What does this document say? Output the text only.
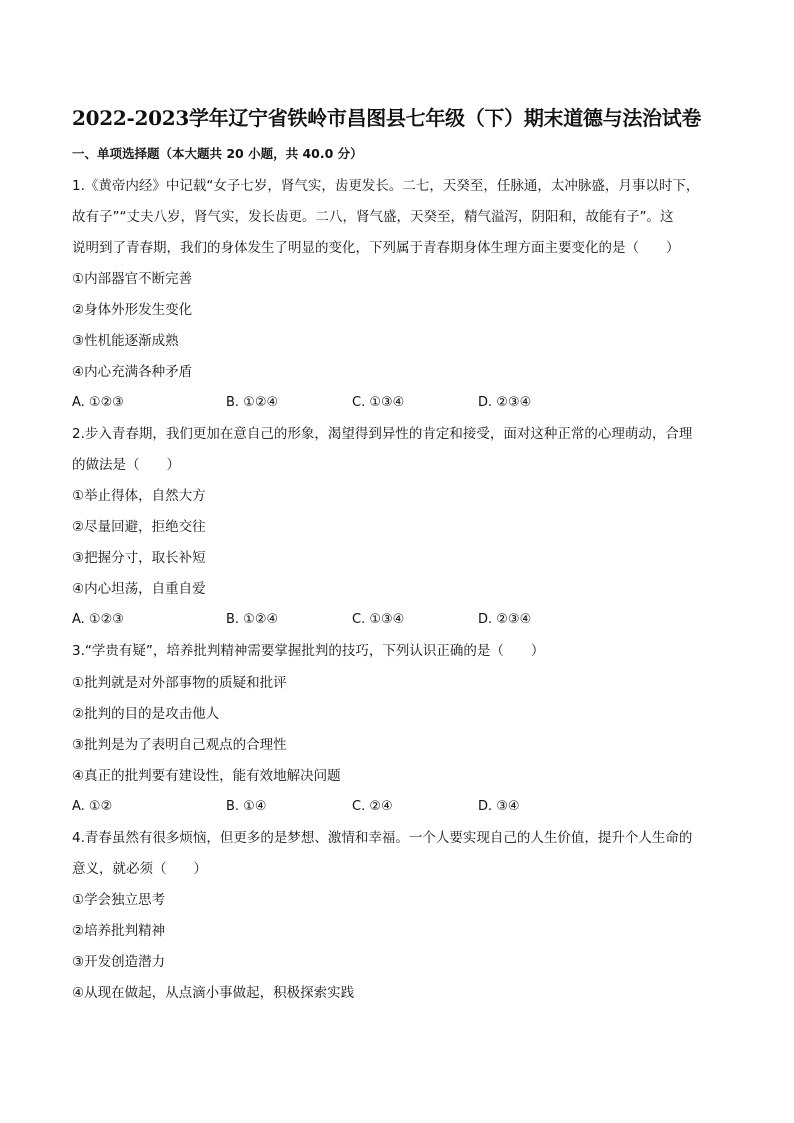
2022-2023学年辽宁省铁岭市昌图县七年级（下）期末道德与法治试卷
一、单项选择题（本大题共 20 小题，共 40.0 分）
1.《黄帝内经》中记载“女子七岁，肾气实，齿更发长。二七，天癸至，任脉通，太冲脉盛，月事以时下，
故有子”“丈夫八岁，肾气实，发长齿更。二八，肾气盛，天癸至，精气溢泻，阴阳和，故能有子”。这
说明到了青春期，我们的身体发生了明显的变化，下列属于青春期身体生理方面主要变化的是（　　）
①内部器官不断完善
②身体外形发生变化
③性机能逐渐成熟
④内心充满各种矛盾
A. ①②③	B. ①②④	C. ①③④	D. ②③④
2.步入青春期，我们更加在意自己的形象，渴望得到异性的肯定和接受，面对这种正常的心理萌动，合理
的做法是（　　）
①举止得体，自然大方
②尽量回避，拒绝交往
③把握分寸，取长补短
④内心坦荡，自重自爱
A. ①②③	B. ①②④	C. ①③④	D. ②③④
3.“学贵有疑”，培养批判精神需要掌握批判的技巧，下列认识正确的是（　　）
①批判就是对外部事物的质疑和批评
②批判的目的是攻击他人
③批判是为了表明自己观点的合理性
④真正的批判要有建设性，能有效地解决问题
A. ①②	B. ①④	C. ②④	D. ③④
4.青春虽然有很多烦恼，但更多的是梦想、激情和幸福。一个人要实现自己的人生价值，提升个人生命的
意义，就必须（　　）
①学会独立思考
②培养批判精神
③开发创造潜力
④从现在做起，从点滴小事做起，积极探索实践
